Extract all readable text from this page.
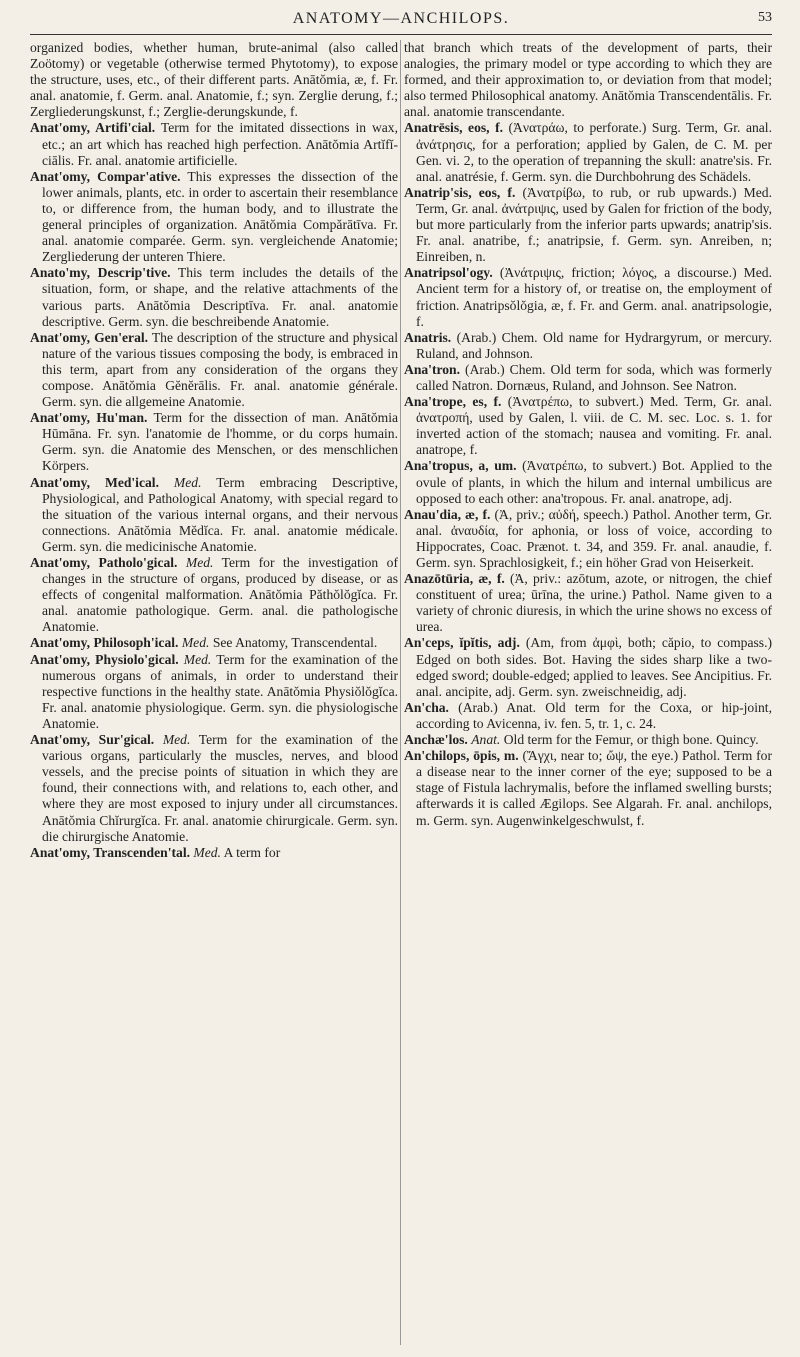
ANATOMY—ANCHILOPS.	53

organized bodies, whether human, brute-animal (also called Zoötomy) or vegetable (otherwise termed Phytotomy), to expose the structure, uses, etc., of their different parts. Anātŏmia, æ, f. Fr. anal. anatomie, f. Germ. anal. Anatomie, f.; syn. Zerglie derung, f.; Zergliederungskunst, f.; Zerglie-derungskunde, f.

Anat'omy, Artifi'cial. Term for the imitated dissections in wax, etc.; an art which has reached high perfection. Anātŏmia Artĭfĭ-ciālis. Fr. anal. anatomie artificielle.

Anat'omy, Compar'ative. This expresses the dissection of the lower animals, plants, etc. in order to ascertain their resemblance to, or difference from, the human body, and to illustrate the general principles of organization. Anātŏmia Compărātīva. Fr. anal. anatomie comparée. Germ. syn. vergleichende Anatomie; Zergliederung der unteren Thiere.

Anato'my, Descrip'tive. This term includes the details of the situation, form, or shape, and the relative attachments of the various parts. Anātŏmia Descriptīva. Fr. anal. anatomie descriptive. Germ. syn. die beschreibende Anatomie.

Anat'omy, Gen'eral. The description of the structure and physical nature of the various tissues composing the body, is embraced in this term, apart from any consideration of the organs they compose. Anātŏmia Gĕnĕrālis. Fr. anal. anatomie générale. Germ. syn. die allgemeine Anatomie.

Anat'omy, Hu'man. Term for the dissection of man. Anātŏmia Hūmāna. Fr. syn. l'anatomie de l'homme, or du corps humain. Germ. syn. die Anatomie des Menschen, or des menschlichen Körpers.

Anat'omy, Med'ical. Med. Term embracing Descriptive, Physiological, and Pathological Anatomy, with special regard to the situation of the various internal organs, and their nervous connections. Anātŏmia Mĕdĭca. Fr. anal. anatomie médicale. Germ. syn. die medicinische Anatomie.

Anat'omy, Patholo'gical. Med. Term for the investigation of changes in the structure of organs, produced by disease, or as effects of congenital malformation. Anātŏmia Păthŏlŏgĭca. Fr. anal. anatomie pathologique. Germ. anal. die pathologische Anatomie.

Anat'omy, Philosoph'ical. Med. See Anatomy, Transcendental.

Anat'omy, Physiolo'gical. Med. Term for the examination of the numerous organs of animals, in order to understand their respective functions in the healthy state. Anātŏmia Physiŏlŏgĭca. Fr. anal. anatomie physiologique. Germ. syn. die physiologische Anatomie.

Anat'omy, Sur'gical. Med. Term for the examination of the various organs, particularly the muscles, nerves, and blood vessels, and the precise points of situation in which they are found, their connections with, and relations to, each other, and where they are most exposed to injury under all circumstances. Anātŏmia Chĭrurgĭca. Fr. anal. anatomie chirurgicale. Germ. syn. die chirurgische Anatomie.

Anat'omy, Transcenden'tal. Med. A term for

that branch which treats of the development of parts, their analogies, the primary model or type according to which they are formed, and their approximation to, or deviation from that model; also termed Philosophical anatomy. Anātŏmia Transcendentālis. Fr. anal. anatomie transcendante.

Anatrēsis, eos, f. (Ἀνατράω, to perforate.) Surg. Term, Gr. anal. ἀνάτρησις, for a perforation; applied by Galen, de C. M. per Gen. vi. 2, to the operation of trepanning the skull: anatre'sis. Fr. anal. anatrésie, f. Germ. syn. die Durchbohrung des Schädels.

Anatrip'sis, eos, f. (Ἀνατρίβω, to rub, or rub upwards.) Med. Term, Gr. anal. ἀνάτριψις, used by Galen for friction of the body, but more particularly from the inferior parts upwards; anatrip'sis. Fr. anal. anatribe, f.; anatripsie, f. Germ. syn. Anreiben, n; Einreiben, n.

Anatripsol'ogy. (Ἀνάτριψις, friction; λόγος, a discourse.) Med. Ancient term for a history of, or treatise on, the employment of friction. Anatripsŏlŏgia, æ, f. Fr. and Germ. anal. anatripsologie, f.

Anatris. (Arab.) Chem. Old name for Hydrargyrum, or mercury. Ruland, and Johnson.

Ana'tron. (Arab.) Chem. Old term for soda, which was formerly called Natron. Dornæus, Ruland, and Johnson. See Natron.

Ana'trope, es, f. (Ἀνατρέπω, to subvert.) Med. Term, Gr. anal. ἀνατροπή, used by Galen, l. viii. de C. M. sec. Loc. s. 1. for inverted action of the stomach; nausea and vomiting. Fr. anal. anatrope, f.

Ana'tropus, a, um. (Ἀνατρέπω, to subvert.) Bot. Applied to the ovule of plants, in which the hilum and internal umbilicus are opposed to each other: ana'tropous. Fr. anal. anatrope, adj.

Anau'dia, æ, f. (Ἀ, priv.; αὐδή, speech.) Pathol. Another term, Gr. anal. ἀναυδία, for aphonia, or loss of voice, according to Hippocrates, Coac. Prænot. t. 34, and 359. Fr. anal. anaudie, f. Germ. syn. Sprachlosigkeit, f.; ein höher Grad von Heiserkeit.

Anazōtūria, æ, f. (Ἀ, priv.: azōtum, azote, or nitrogen, the chief constituent of urea; ūrīna, the urine.) Pathol. Name given to a variety of chronic diuresis, in which the urine shows no excess of urea.

An'ceps, ĭpĭtis, adj. (Am, from ἀμφὶ, both; căpio, to compass.) Edged on both sides. Bot. Having the sides sharp like a two-edged sword; double-edged; applied to leaves. See Ancipitius. Fr. anal. ancipite, adj. Germ. syn. zweischneidig, adj.

An'cha. (Arab.) Anat. Old term for the Coxa, or hip-joint, according to Avicenna, iv. fen. 5, tr. 1, c. 24.

Anchæ'los. Anat. Old term for the Femur, or thigh bone. Quincy.

An'chilops, ōpis, m. (Ἄγχι, near to; ὤψ, the eye.) Pathol. Term for a disease near to the inner corner of the eye; supposed to be a stage of Fistula lachrymalis, before the inflamed swelling bursts; afterwards it is called Ægilops. See Algarah. Fr. anal. anchilops, m. Germ. syn. Augenwinkelgeschwulst, f.
